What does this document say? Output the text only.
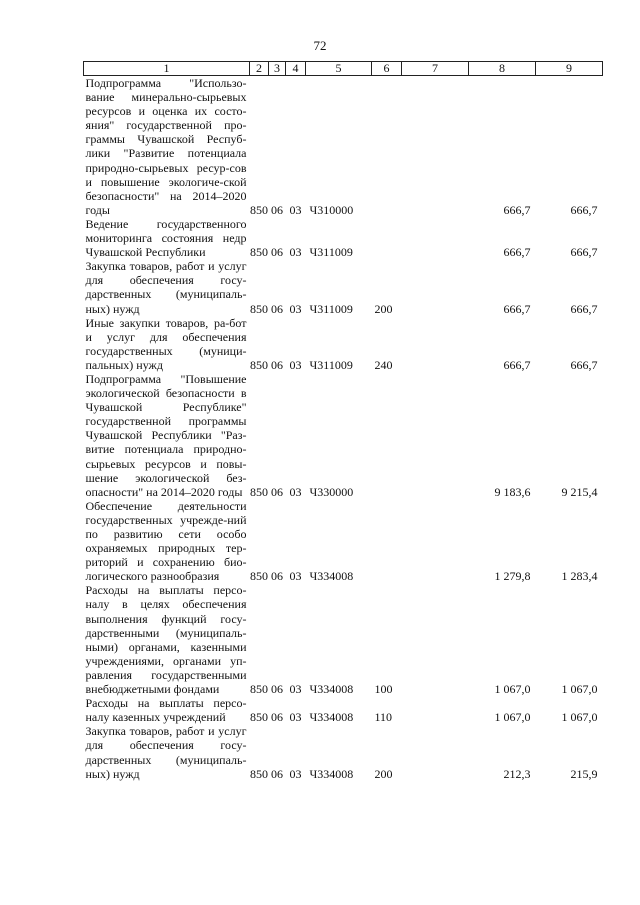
72
1	2	3	4	5	6	7	8	9
Подпрограмма "Использо-вание минерально-сырьевых ресурсов и оценка их состо-яния" государственной про-граммы Чувашской Респуб-лики "Развитие потенциала природно-сырьевых ресур-сов и повышение экологиче-ской безопасности" на 2014–2020 годы	850	06	03	Ч310000			666,7	666,7
Ведение государственного мониторинга состояния недр Чувашской Республики	850	06	03	Ч311009			666,7	666,7
Закупка товаров, работ и услуг для обеспечения госу-дарственных (муниципаль-ных) нужд	850	06	03	Ч311009	200		666,7	666,7
Иные закупки товаров, ра-бот и услуг для обеспечения государственных (муници-пальных) нужд	850	06	03	Ч311009	240		666,7	666,7
Подпрограмма "Повышение экологической безопасности в Чувашской Республике" государственной программы Чувашской Республики "Раз-витие потенциала природно-сырьевых ресурсов и повы-шение экологической без-опасности" на 2014–2020 годы	850	06	03	Ч330000			9 183,6	9 215,4
Обеспечение деятельности государственных учрежде-ний по развитию сети особо охраняемых природных тер-риторий и сохранению био-логического разнообразия	850	06	03	Ч334008			1 279,8	1 283,4
Расходы на выплаты персо-налу в целях обеспечения выполнения функций госу-дарственными (муниципаль-ными) органами, казенными учреждениями, органами уп-равления государственными внебюджетными фондами	850	06	03	Ч334008	100		1 067,0	1 067,0
Расходы на выплаты персо-налу казенных учреждений	850	06	03	Ч334008	110		1 067,0	1 067,0
Закупка товаров, работ и услуг для обеспечения госу-дарственных (муниципаль-ных) нужд	850	06	03	Ч334008	200		212,3	215,9
